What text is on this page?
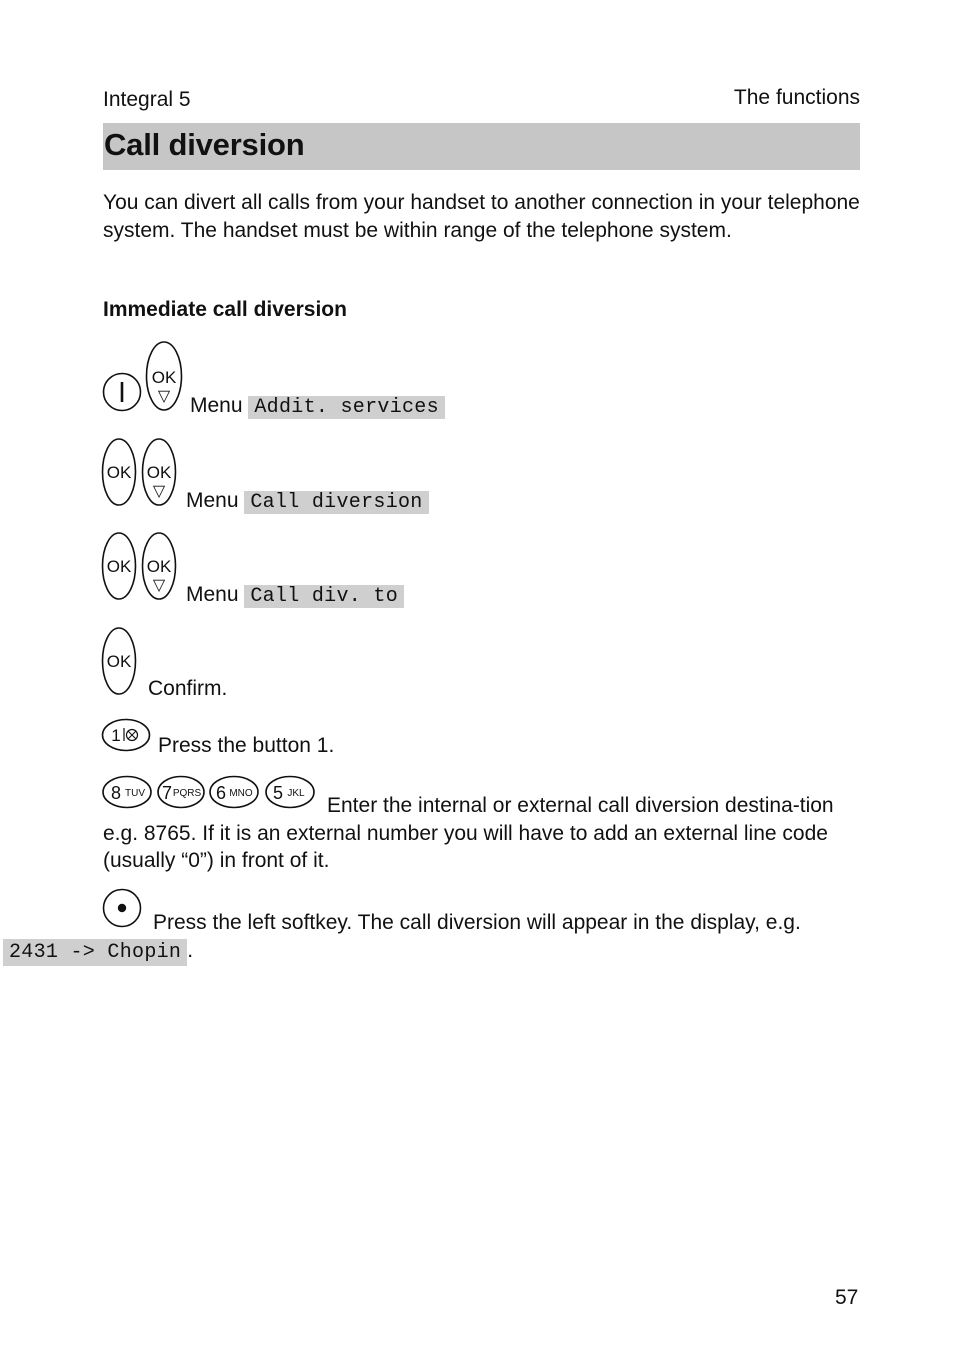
Integral 5	The functions
Call diversion
You can divert all calls from your handset to another connection in your telephone system. The handset must be within range of the telephone system.
Immediate call diversion
OK
▽ Menu Addit. services
OK OK
▽ Menu Call diversion
OK OK
▽ Menu Call div. to
OK
Confirm.
1 Press the button 1.
8 TUV 7 PQRS 6 MNO 5 JKL
Enter the internal or external call diversion destina-tion e.g. 8765. If it is an external number you will have to add an external line code (usually “0”) in front of it.
Press the left softkey. The call diversion will appear in the display, e.g.
2431 -> Chopin .
57
